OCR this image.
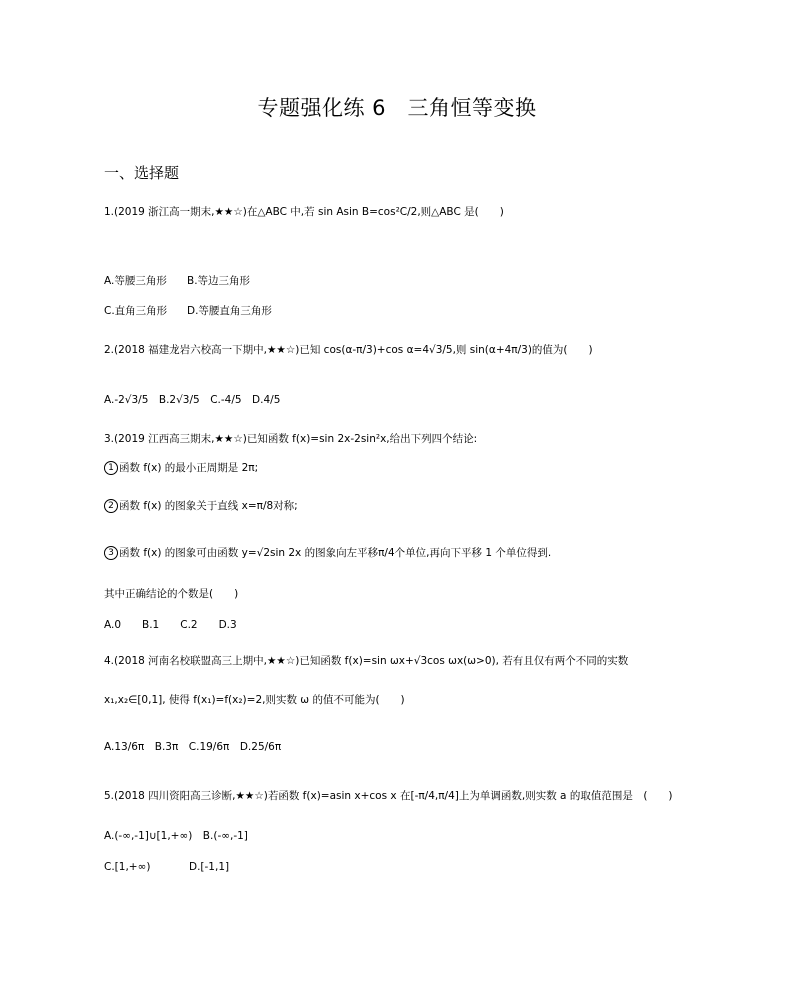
专题强化练 6　三角恒等变换
一、选择题
1.(2019 浙江高一期末,★★☆)在△ABC 中,若 sin Asin B=cos²C/2,则△ABC 是(　　)
A.等腰三角形 B.等边三角形
C.直角三角形 D.等腰直角三角形
2.(2018 福建龙岩六校高一下期中,★★☆)已知 cos(α-π/3)+cos α=4√3/5,则 sin(α+4π/3)的值为(　　)
A.-2√3/5　B.2√3/5　C.-4/5　D.4/5
3.(2019 江西高三期末,★★☆)已知函数 f(x)=sin 2x-2sin²x,给出下列四个结论:
1 函数 f(x) 的最小正周期是 2π;
2 函数 f(x) 的图象关于直线 x=π/8对称;
3 函数 f(x) 的图象可由函数 y=√2sin 2x 的图象向左平移π/4个单位,再向下平移 1 个单位得到.
其中正确结论的个数是(　　)
A.0　　B.1　　C.2　　D.3
4.(2018 河南名校联盟高三上期中,★★☆)已知函数 f(x)=sin ωx+√3cos ωx(ω>0), 若有且仅有两个不同的实数
x₁,x₂∈[0,1], 使得 f(x₁)=f(x₂)=2,则实数 ω 的值不可能为(　　)
A.13/6π　B.3π　C.19/6π　D.25/6π
5.(2018 四川资阳高三诊断,★★☆)若函数 f(x)=asin x+cos x 在[-π/4,π/4]上为单调函数,则实数 a 的取值范围是　(　　)
A.(-∞,-1]∪[1,+∞)　B.(-∞,-1]
C.[1,+∞)	D.[-1,1]
